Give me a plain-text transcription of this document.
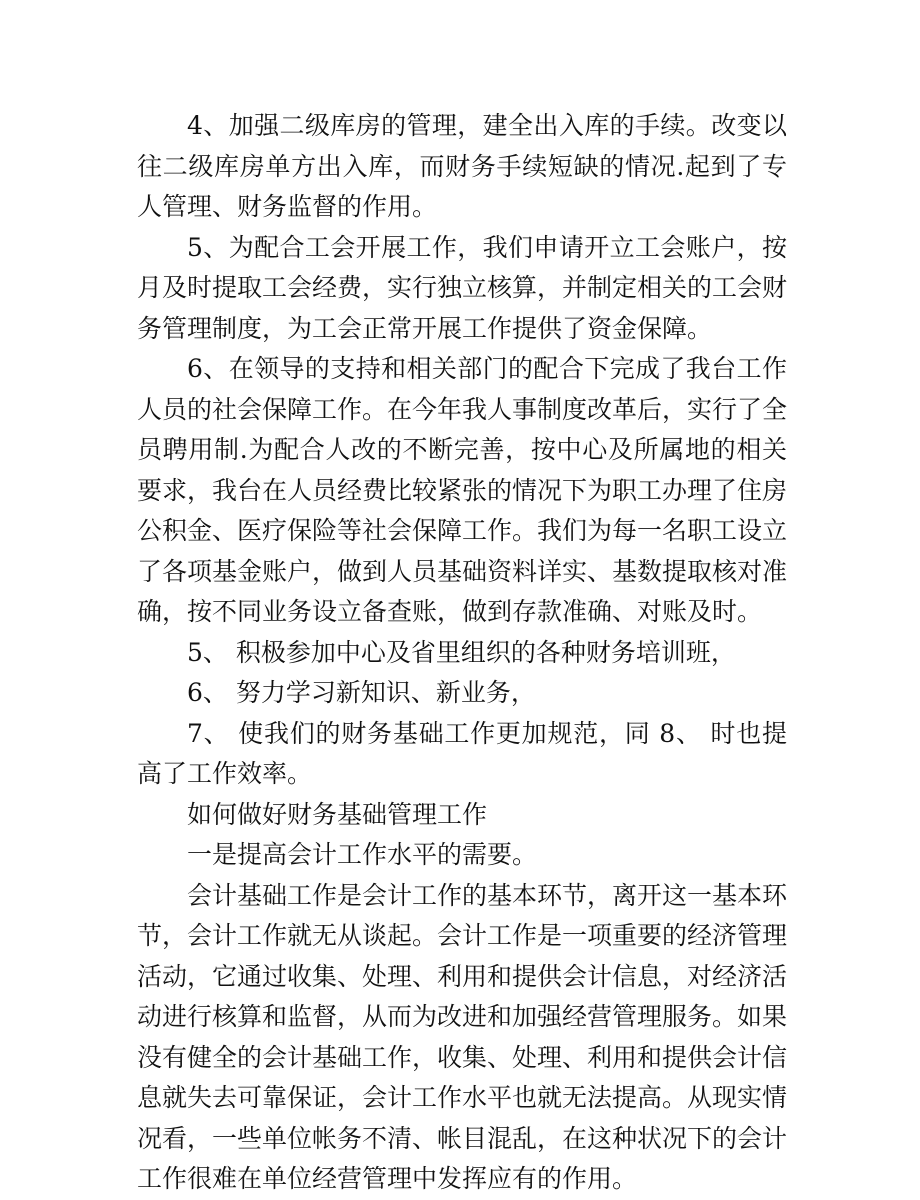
4、加强二级库房的管理，建全出入库的手续。改变以往二级库房单方出入库，而财务手续短缺的情况.起到了专人管理、财务监督的作用。

5、为配合工会开展工作，我们申请开立工会账户，按月及时提取工会经费，实行独立核算，并制定相关的工会财务管理制度，为工会正常开展工作提供了资金保障。

6、在领导的支持和相关部门的配合下完成了我台工作人员的社会保障工作。在今年我人事制度改革后，实行了全员聘用制.为配合人改的不断完善，按中心及所属地的相关要求，我台在人员经费比较紧张的情况下为职工办理了住房公积金、医疗保险等社会保障工作。我们为每一名职工设立了各项基金账户，做到人员基础资料详实、基数提取核对准确，按不同业务设立备查账，做到存款准确、对账及时。

5、 积极参加中心及省里组织的各种财务培训班，

6、 努力学习新知识、新业务，

7、 使我们的财务基础工作更加规范，同 8、 时也提高了工作效率。

如何做好财务基础管理工作

一是提高会计工作水平的需要。

会计基础工作是会计工作的基本环节，离开这一基本环节，会计工作就无从谈起。会计工作是一项重要的经济管理活动，它通过收集、处理、利用和提供会计信息，对经济活动进行核算和监督，从而为改进和加强经营管理服务。如果没有健全的会计基础工作，收集、处理、利用和提供会计信息就失去可靠保证，会计工作水平也就无法提高。从现实情况看，一些单位帐务不清、帐目混乱，在这种状况下的会计工作很难在单位经营管理中发挥应有的作用。
